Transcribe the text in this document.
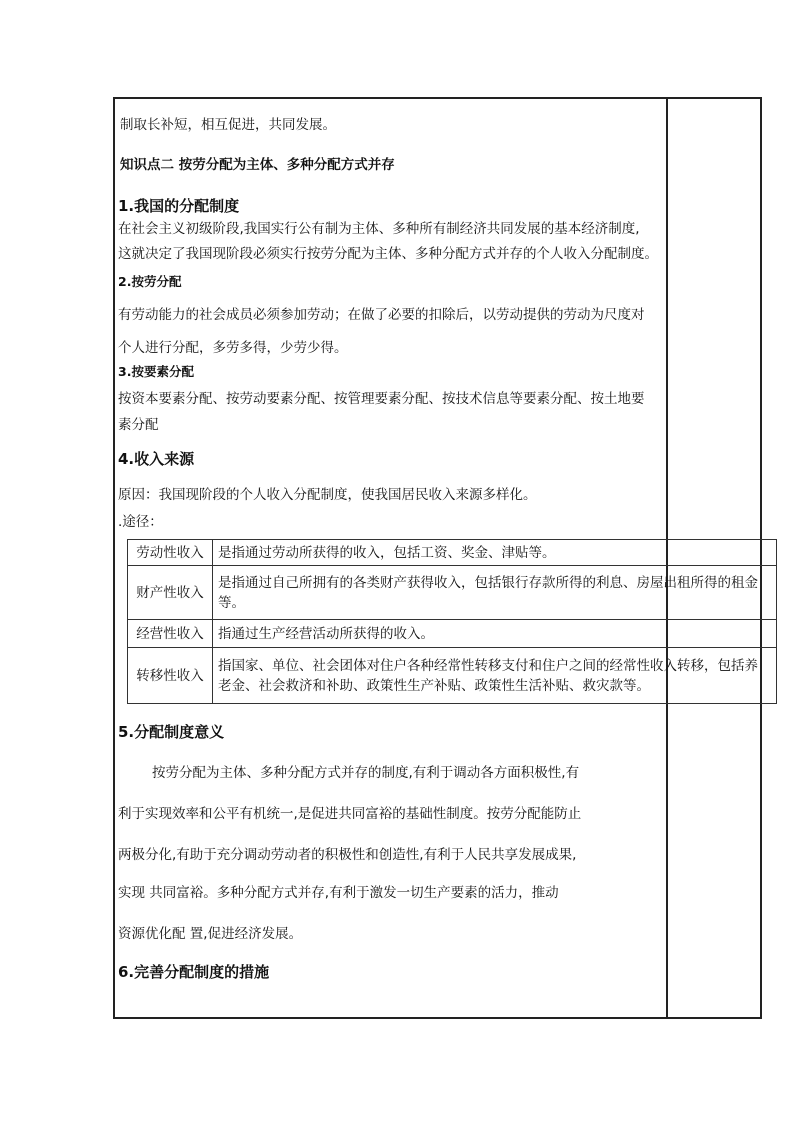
制取长补短，相互促进，共同发展。
知识点二 按劳分配为主体、多种分配方式并存
1.我国的分配制度
在社会主义初级阶段,我国实行公有制为主体、多种所有制经济共同发展的基本经济制度,
这就决定了我国现阶段必须实行按劳分配为主体、多种分配方式并存的个人收入分配制度。
2.按劳分配
有劳动能力的社会成员必须参加劳动；在做了必要的扣除后，以劳动提供的劳动为尺度对
个人进行分配，多劳多得，少劳少得。
3.按要素分配
按资本要素分配、按劳动要素分配、按管理要素分配、按技术信息等要素分配、按土地要
素分配
4.收入来源
原因：我国现阶段的个人收入分配制度，使我国居民收入来源多样化。
.途径：
劳动性收入	是指通过劳动所获得的收入，包括工资、奖金、津贴等。
财产性收入	是指通过自己所拥有的各类财产获得收入，包括银行存款所得的利息、房屋出租所得的租金等。
经营性收入	指通过生产经营活动所获得的收入。
转移性收入	指国家、单位、社会团体对住户各种经常性转移支付和住户之间的经常性收入转移，包括养老金、社会救济和补助、政策性生产补贴、政策性生活补贴、救灾款等。
5.分配制度意义
按劳分配为主体、多种分配方式并存的制度,有利于调动各方面积极性,有
利于实现效率和公平有机统一,是促进共同富裕的基础性制度。按劳分配能防止
两极分化,有助于充分调动劳动者的积极性和创造性,有利于人民共享发展成果,
实现 共同富裕。多种分配方式并存,有利于激发一切生产要素的活力，推动
资源优化配 置,促进经济发展。
6.完善分配制度的措施
